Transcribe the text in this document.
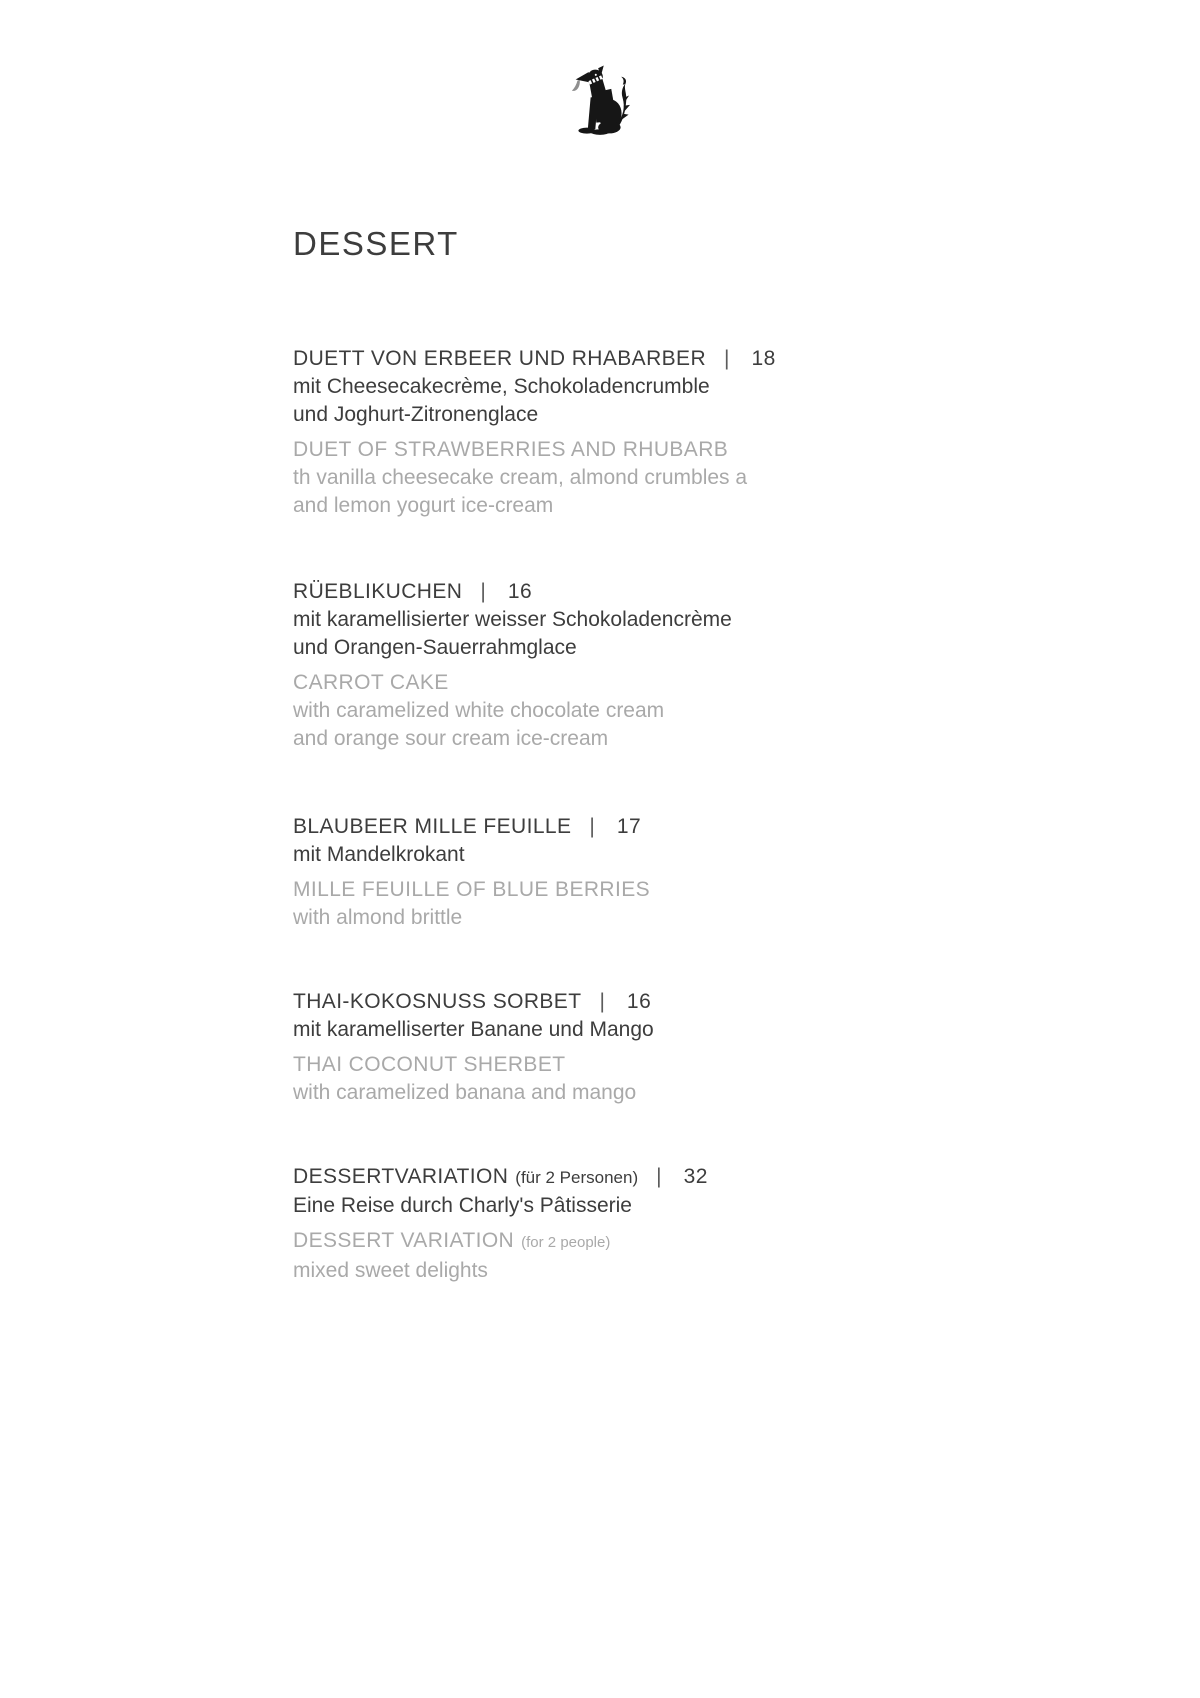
DESSERT
DUETT VON ERBEER UND RHABARBER | 18
mit Cheesecakecrème, Schokoladencrumble
und Joghurt-Zitronenglace
DUET OF STRAWBERRIES AND RHUBARB
th vanilla cheesecake cream, almond crumbles a
and lemon yogurt ice-cream
RÜEBLIKUCHEN | 16
mit karamellisierter weisser Schokoladencrème
und Orangen-Sauerrahmglace
CARROT CAKE
with caramelized white chocolate cream
and orange sour cream ice-cream
BLAUBEER MILLE FEUILLE | 17
mit Mandelkrokant
MILLE FEUILLE OF BLUE BERRIES
with almond brittle
THAI-KOKOSNUSS SORBET | 16
mit karamelliserter Banane und Mango
THAI COCONUT SHERBET
with caramelized banana and mango
DESSERTVARIATION (für 2 Personen) | 32
Eine Reise durch Charly's Pâtisserie
DESSERT VARIATION (for 2 people)
mixed sweet delights
